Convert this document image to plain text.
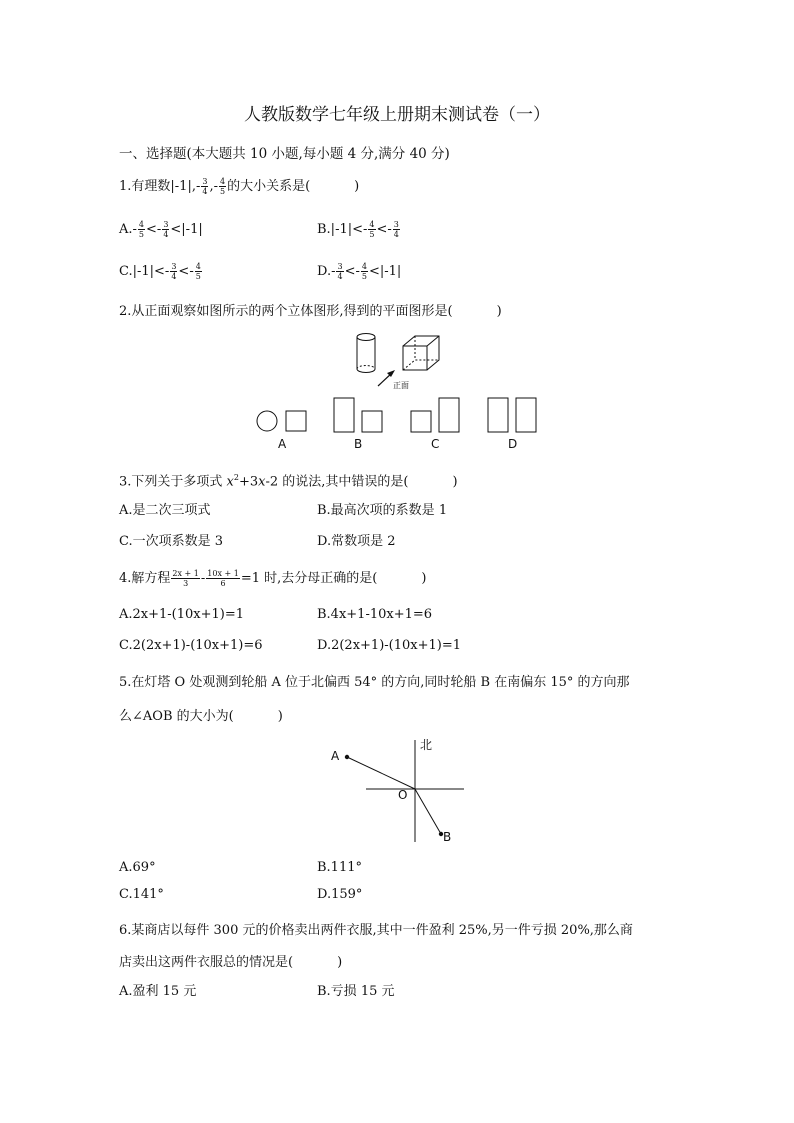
人教版数学七年级上册期末测试卷（一）
一、选择题(本大题共 10 小题,每小题 4 分,满分 40 分)
1.有理数$|-1|,- \frac{3}{4}$ ,- $\frac{4}{5}$ 的大小关系是(	)
$A.- \frac{4}{5} <- \frac{3}{4} <|-1|$	$B.|-1|<- \frac{4}{5} <- \frac{3}{4}$
$C.|-1|<- \frac{3}{4} <- \frac{4}{5}$	$D.- \frac{3}{4} <- \frac{4}{5} <|-1|$
2.从正面观察如图所示的两个立体图形,得到的平面图形是(	)
正面
A	B	C	D
3.下列关于多项式 $x^2+3x-2$ 的说法,其中错误的是(	)
A.是二次三项式	B.最高次项的系数是 1
C.一次项系数是 3	D.常数项是 2
4.解方程 $\frac{2x + 1}{3} - \frac{10x + 1}{6} =1$ 时,去分母正确的是(	)
A.2x+1-(10x+1)=1	B.4x+1-10x+1=6
C.2(2x+1)-(10x+1)=6	D.2(2x+1)-(10x+1)=1
5.在灯塔 O 处观测到轮船 A 位于北偏西 54° 的方向,同时轮船 B 在南偏东 15° 的方向那
么∠AOB 的大小为(	)
A
O
B
北
A.69°	B.111°
C.141°	D.159°
6.某商店以每件 300 元的价格卖出两件衣服,其中一件盈利 25%,另一件亏损 20%,那么商
店卖出这两件衣服总的情况是(	)
A.盈利 15 元	B.亏损 15 元
